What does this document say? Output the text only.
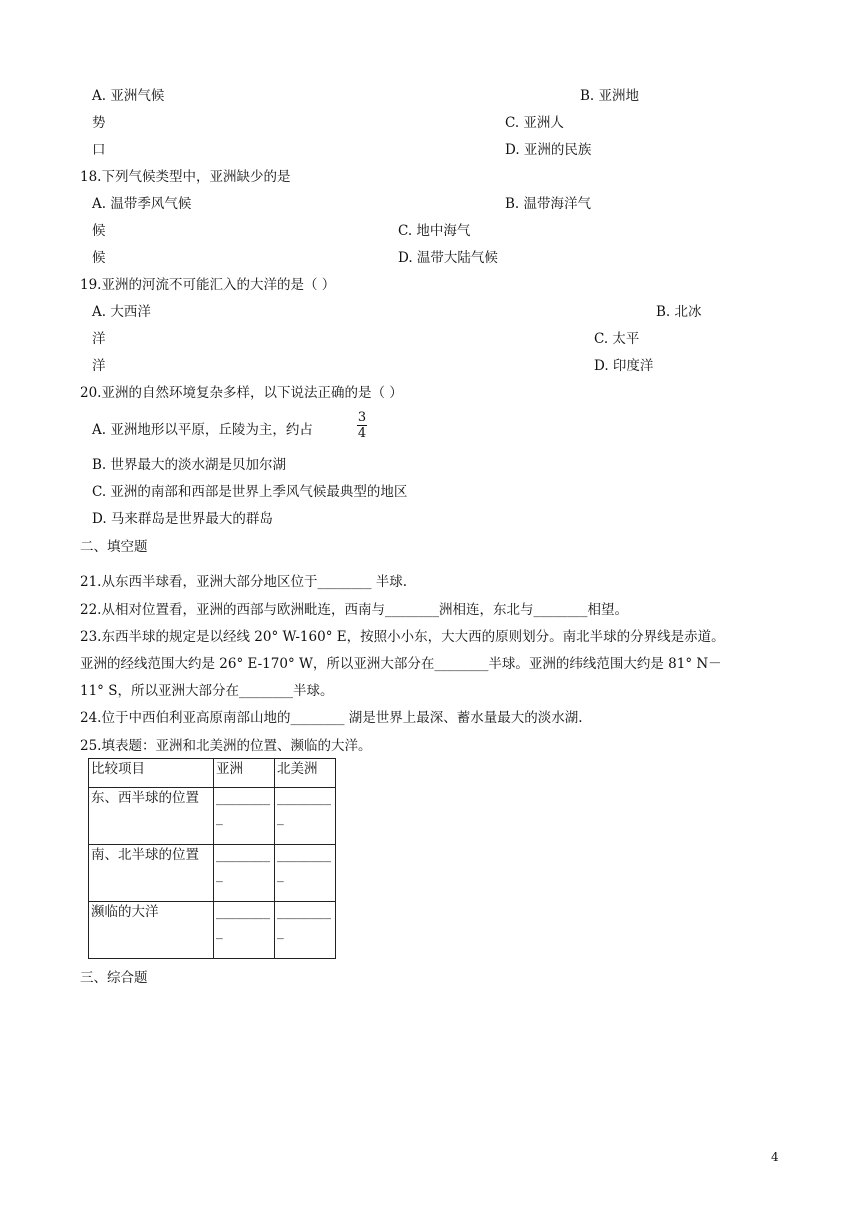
A. 亚洲气候	B. 亚洲地
势	C. 亚洲人
口	D. 亚洲的民族
18.下列气候类型中，亚洲缺少的是
A. 温带季风气候	B. 温带海洋气
候	C. 地中海气
候	D. 温带大陆气候
19.亚洲的河流不可能汇入的大洋的是（ ）
A. 大西洋	B. 北冰
洋	C. 太平
洋	D. 印度洋
20.亚洲的自然环境复杂多样，以下说法正确的是（ ）
A. 亚洲地形以平原，丘陵为主，约占
3
4
B. 世界最大的淡水湖是贝加尔湖
C. 亚洲的南部和西部是世界上季风气候最典型的地区
D. 马来群岛是世界最大的群岛
二、填空题
21.从东西半球看，亚洲大部分地区位于________ 半球.
22.从相对位置看，亚洲的西部与欧洲毗连，西南与________洲相连，东北与________相望。
23.东西半球的规定是以经线 20° W-160° E，按照小小东，大大西的原则划分。南北半球的分界线是赤道。
亚洲的经线范围大约是 26° E-170° W，所以亚洲大部分在________半球。亚洲的纬线范围大约是 81° N－
11° S，所以亚洲大部分在________半球。
24.位于中西伯利亚高原南部山地的________ 湖是世界上最深、蓄水量最大的淡水湖.
25.填表题：亚洲和北美洲的位置、濒临的大洋。
比较项目	亚洲	北美洲
东、西半球的位置	_________	_________

南、北半球的位置	_________	_________

濒临的大洋	_________	_________
三、综合题
4
